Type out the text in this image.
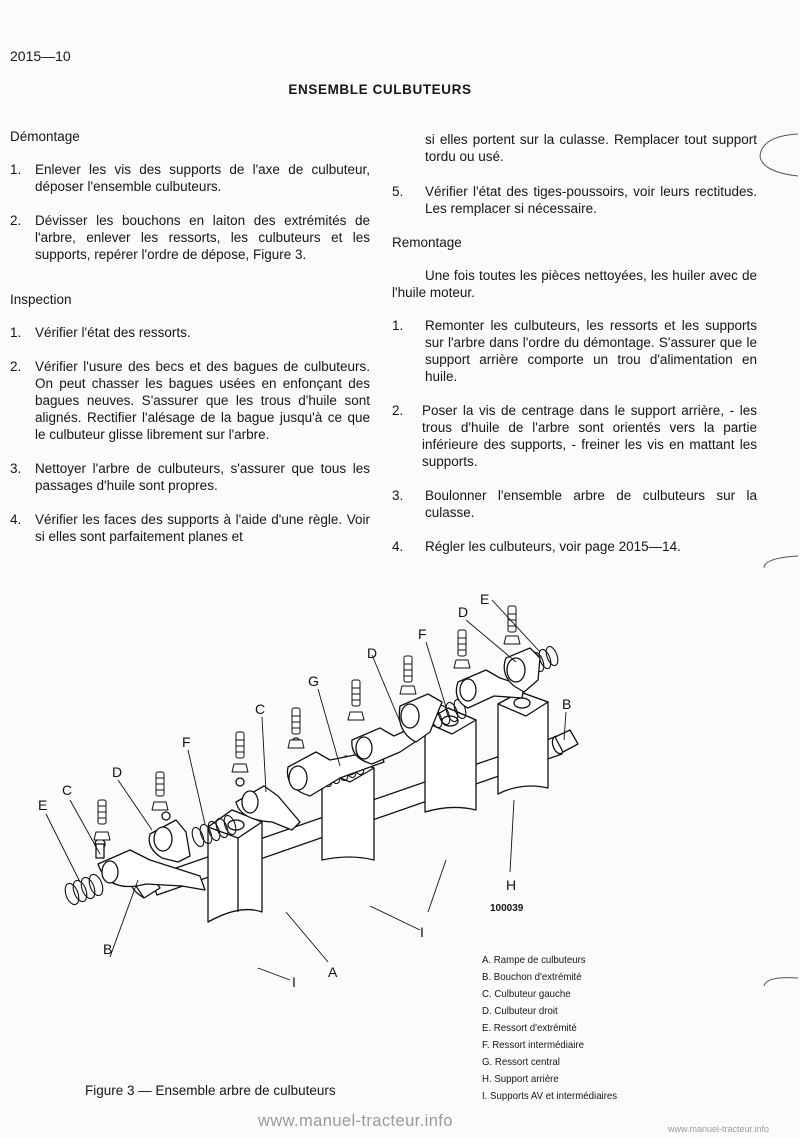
2015—10
ENSEMBLE CULBUTEURS
Démontage
1.	Enlever les vis des supports de l'axe de culbuteur, déposer l'ensemble culbuteurs.
2.	Dévisser les bouchons en laiton des extrémités de l'arbre, enlever les ressorts, les culbuteurs et les supports, repérer l'ordre de dépose, Figure 3.
Inspection
1.	Vérifier l'état des ressorts.
2.	Vérifier l'usure des becs et des bagues de culbuteurs. On peut chasser les bagues usées en enfonçant des bagues neuves. S'assurer que les trous d'huile sont alignés. Rectifier l'alésage de la bague jusqu'à ce que le culbuteur glisse librement sur l'arbre.
3.	Nettoyer l'arbre de culbuteurs, s'assurer que tous les passages d'huile sont propres.
4.	Vérifier les faces des supports à l'aide d'une règle. Voir si elles sont parfaitement planes et
si elles portent sur la culasse. Remplacer tout support tordu ou usé.
5.	Vérifier l'état des tiges-poussoirs, voir leurs rectitudes. Les remplacer si nécessaire.
Remontage
Une fois toutes les pièces nettoyées, les huiler avec de l'huile moteur.
1.	Remonter les culbuteurs, les ressorts et les supports sur l'arbre dans l'ordre du démontage. S'assurer que le support arrière comporte un trou d'alimentation en huile.
2.	Poser la vis de centrage dans le support arrière, - les trous d'huile de l'arbre sont orientés vers la partie inférieure des supports, - freiner les vis en mattant les supports.
3.	Boulonner l'ensemble arbre de culbuteurs sur la culasse.
4.	Régler les culbuteurs, voir page 2015—14.
E
C
D
F
C
G
D
F
D
E
B
B
A
I
I
H
100039
A. Rampe de culbuteurs
B. Bouchon d'extrémité
C. Culbuteur gauche
D. Culbuteur droit
E. Ressort d'extrémité
F. Ressort intermédiaire
G. Ressort central
H. Support arrière
I. Supports AV et intermédiaires
Figure 3 — Ensemble arbre de culbuteurs
www.manuel-tracteur.info	www.manuel-tracteur.info
